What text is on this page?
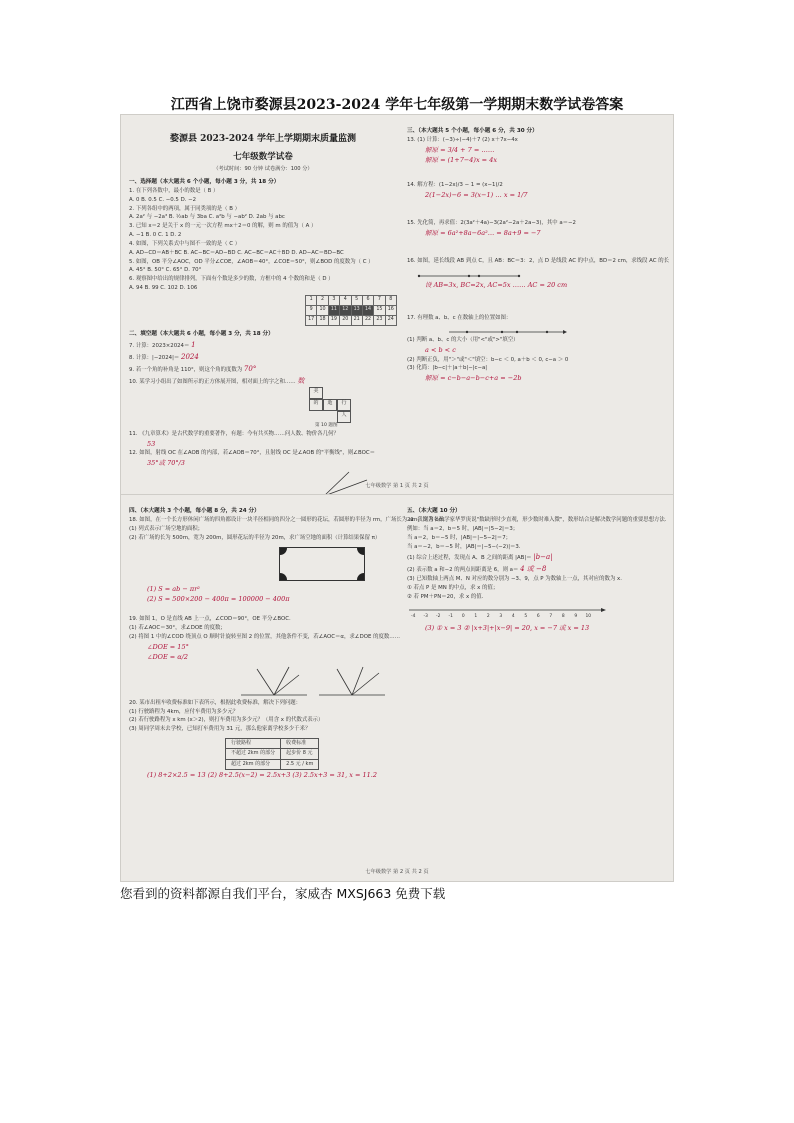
江西省上饶市婺源县2023-2024 学年七年级第一学期期末数学试卷答案
婺源县 2023-2024 学年上学期期末质量监测
七年级数学试卷
（考试时间：90 分钟 试卷满分：100 分）
一、选择题（本大题共 6 个小题，每小题 3 分，共 18 分）
1. 在下列各数中，最小的数是（ B ）
A. 0 B. 0.5 C. −0.5 D. −2
2. 下列各组中的两项，属于同类项的是（ B ）
A. 2a² 与 −2a³ B. ½ab 与 3ba C. a²b 与 −ab² D. 2ab 与 abc
3. 已知 x＝2 是关于 x 的一元一次方程 mx＋2＝0 的解，则 m 的值为（ A ）
A. −1 B. 0 C. 1 D. 2
4. 如图，下列关系式中与图不一致的是（ C ）
A. AD−CD＝AB＋BC B. AC−BC＝AD−BD C. AC−BC＝AC＋BD D. AD−AC＝BD−BC
5. 如图，OB 平分∠AOC，OD 平分∠COE，∠AOB＝40°，∠COE＝50°，则∠BOD 的度数为（ C ）
A. 45° B. 50° C. 65° D. 70°
6. 观察图中给出的规律排列，下面有个数是多少的数，方框中的 4 个数的和是（ D ）
A. 94 B. 99 C. 102 D. 106
1	2	3	4	5	6	7	8
9	10	11	12	13	14	15	16
17	18	19	20	21	22	23	24
二、填空题（本大题共 6 小题，每小题 3 分，共 18 分）
7. 计算：2023×2024＝ 1
8. 计算：|−2024|＝ 2024
9. 若一个角的补角是 110°，则这个角的度数为 70°
10. 某学习小组出了如图所示的正方体展开图，相对面上的字之和…… 数
美
的	逝	行
人
第 10 题图
11. 《九章算术》是古代数学的重要著作，有题：今有共买物……问人数、物价各几何？
53
12. 如图，射线 OC 在∠AOB 的内部，若∠AOB＝70°，且射线 OC 是∠AOB 的"平衡线"，则∠BOC＝
35°或 70°/3
三、（本大题共 5 个小题，每小题 6 分，共 30 分）
13. (1) 计算：(−3)÷(−4)＋7 (2) x＋7x−4x
解原 = 3/4 + 7 = ……
解原 = (1+7−4)x = 4x
14. 解方程：(1−2x)/3 − 1 = (x−1)/2
2(1−2x)−6 = 3(x−1) … x = 1/7
15. 先化简，再求值：2(3a²＋4a)−3(2a²−2a＋2a−3)，其中 a＝−2
解原 = 6a²+8a−6a²… = 8a+9 = −7
16. 如图，延长线段 AB 到点 C，且 AB：BC＝3：2，点 D 是线段 AC 的中点，BD＝2 cm，求线段 AC 的长
设 AB=3x, BC=2x, AC=5x …… AC = 20 cm
17. 有理数 a、b、c 在数轴上的位置如图：
(1) 判断 a、b、c 的大小（用"<"或">"填空）
a < b < c
(2) 判断正负，用"＞"或"＜"填空：b−c ＜ 0, a＋b ＜ 0, c−a ＞ 0
(3) 化简：|b−c|＋|a＋b|−|c−a|
解原 = c−b−a−b−c+a = −2b
七年级数学 第 1 页 共 2 页
四、（本大题共 3 个小题，每小题 8 分，共 24 分）
18. 如图，在一个长方形休闲广场的四角都设计一块半径相同的四分之一圆形的花坛，若圆形的半径为 rm，广场长为 am，宽为 bm.
(1) 列式表示广场空地的面积；
(2) 若广场的长为 500m，宽为 200m，圆形花坛的半径为 20m，求广场空地的面积（计算结果保留 π）
(1) S = ab − πr²
(2) S = 500×200 − 400π = 100000 − 400π
19. 如图 1，O 是直线 AB 上一点，∠COD＝90°，OE 平分∠BOC.
(1) 若∠AOC＝30°，求∠DOE 的度数；
(2) 将图 1 中的∠COD 绕顶点 O 顺时针旋转至图 2 的位置，其他条件不变，若∠AOC＝α，求∠DOE 的度数……
∠DOE = 15°
∠DOE = α/2
20. 某市出租车收费标准如下表所示，根据此收费标准，解决下列问题：
(1) 行驶路程为 4km，应付车费用为多少元？
(2) 若行驶路程为 x km (x＞2)，则打车费用为多少元？（用含 x 的代数式表示）
(3) 周同学周末去学校，已知打车费用为 31 元，那么他家离学校多少千米？
行驶路程	收费标准
不超过 2km 的部分	起步价 8 元
超过 2km 的部分	2.5 元 / km
(1) 8+2×2.5 = 13 (2) 8+2.5(x−2) = 2.5x+3 (3) 2.5x+3 = 31, x = 11.2
五、（本大题 10 分）
21. 我国著名数学家华罗庚说"数缺形时少直观，形少数时难入微"，数形结合是解决数学问题的重要思想方法.
例如：当 a＝2，b＝5 时，|AB|＝|5−2|＝3；
当 a＝2，b＝−5 时，|AB|＝|−5−2|＝7；
当 a＝−2，b＝−5 时，|AB|＝|−5−(−2)|＝3.
(1) 综合上述过程，发现点 A、B 之间的距离 |AB|＝ |b−a|
(2) 表示数 a 和−2 的两点间距离是 6，则 a＝ 4 或 −8
(3) 已知数轴上两点 M、N 对应的数分别为 −3、9，点 P 为数轴上一点，其对应的数为 x.
① 若点 P 是 MN 的中点，求 x 的值；
② 若 PM＋PN＝20，求 x 的值.
-4	-3	-2	-1	0	1	2	3	4	5	6	7	8	9	10
(3) ① x = 3 ② |x+3|+|x−9| = 20, x = −7 或 x = 13
七年级数学 第 2 页 共 2 页
您看到的资料都源自我们平台，家威杏 MXSJ663 免费下载
